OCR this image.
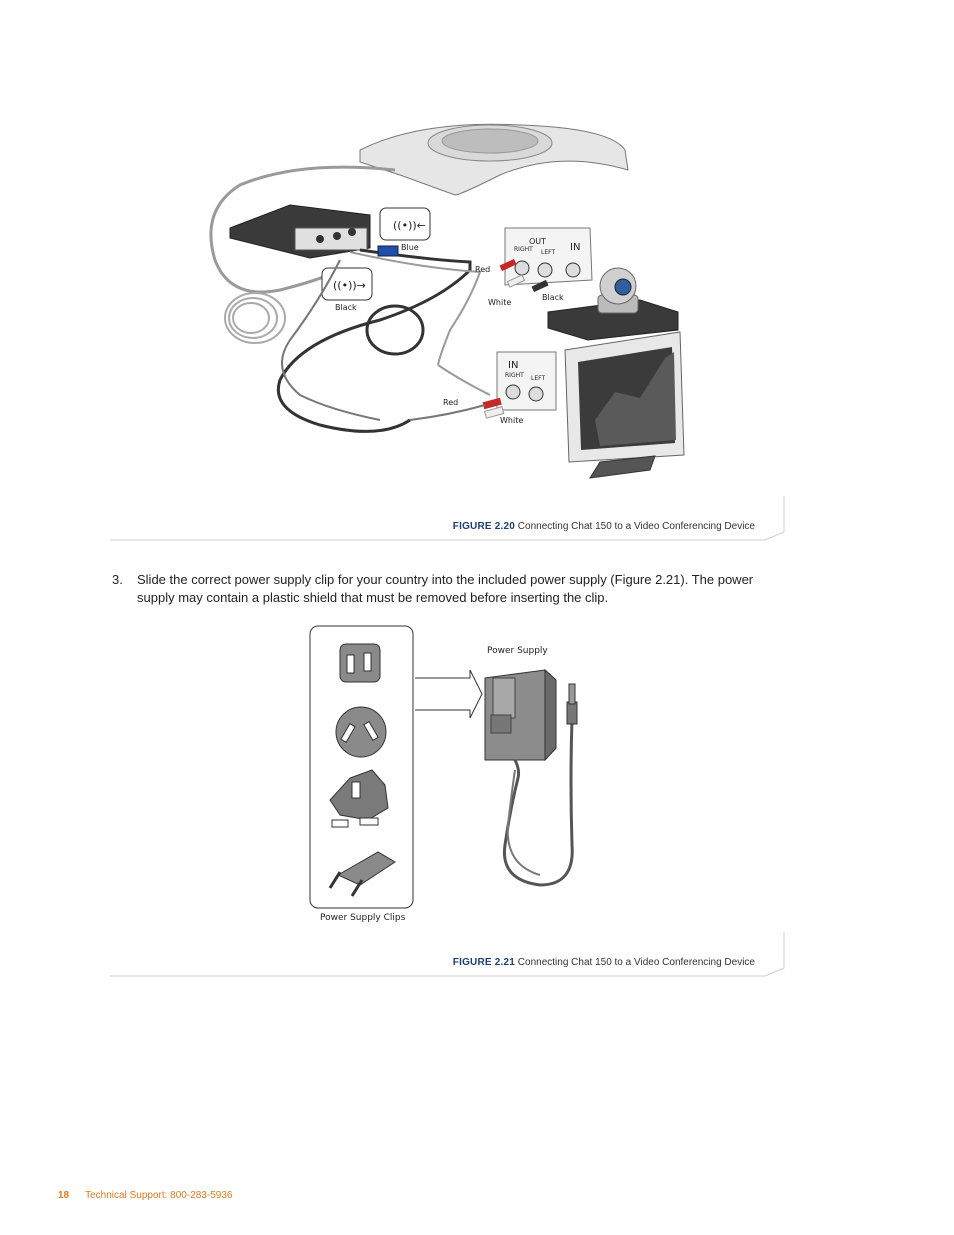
((•))←
((•))→
Blue
Black
OUT
IN
RIGHT LEFT
Red
White
Black
IN
RIGHT LEFT
Red
White
FIGURE 2.20 Connecting Chat 150 to a Video Conferencing Device
3. Slide the correct power supply clip for your country into the included power supply (Figure 2.21). The power supply may contain a plastic shield that must be removed before inserting the clip.
Power Supply
Power Supply Clips
FIGURE 2.21 Connecting Chat 150 to a Video Conferencing Device
18 Technical Support: 800-283-5936
